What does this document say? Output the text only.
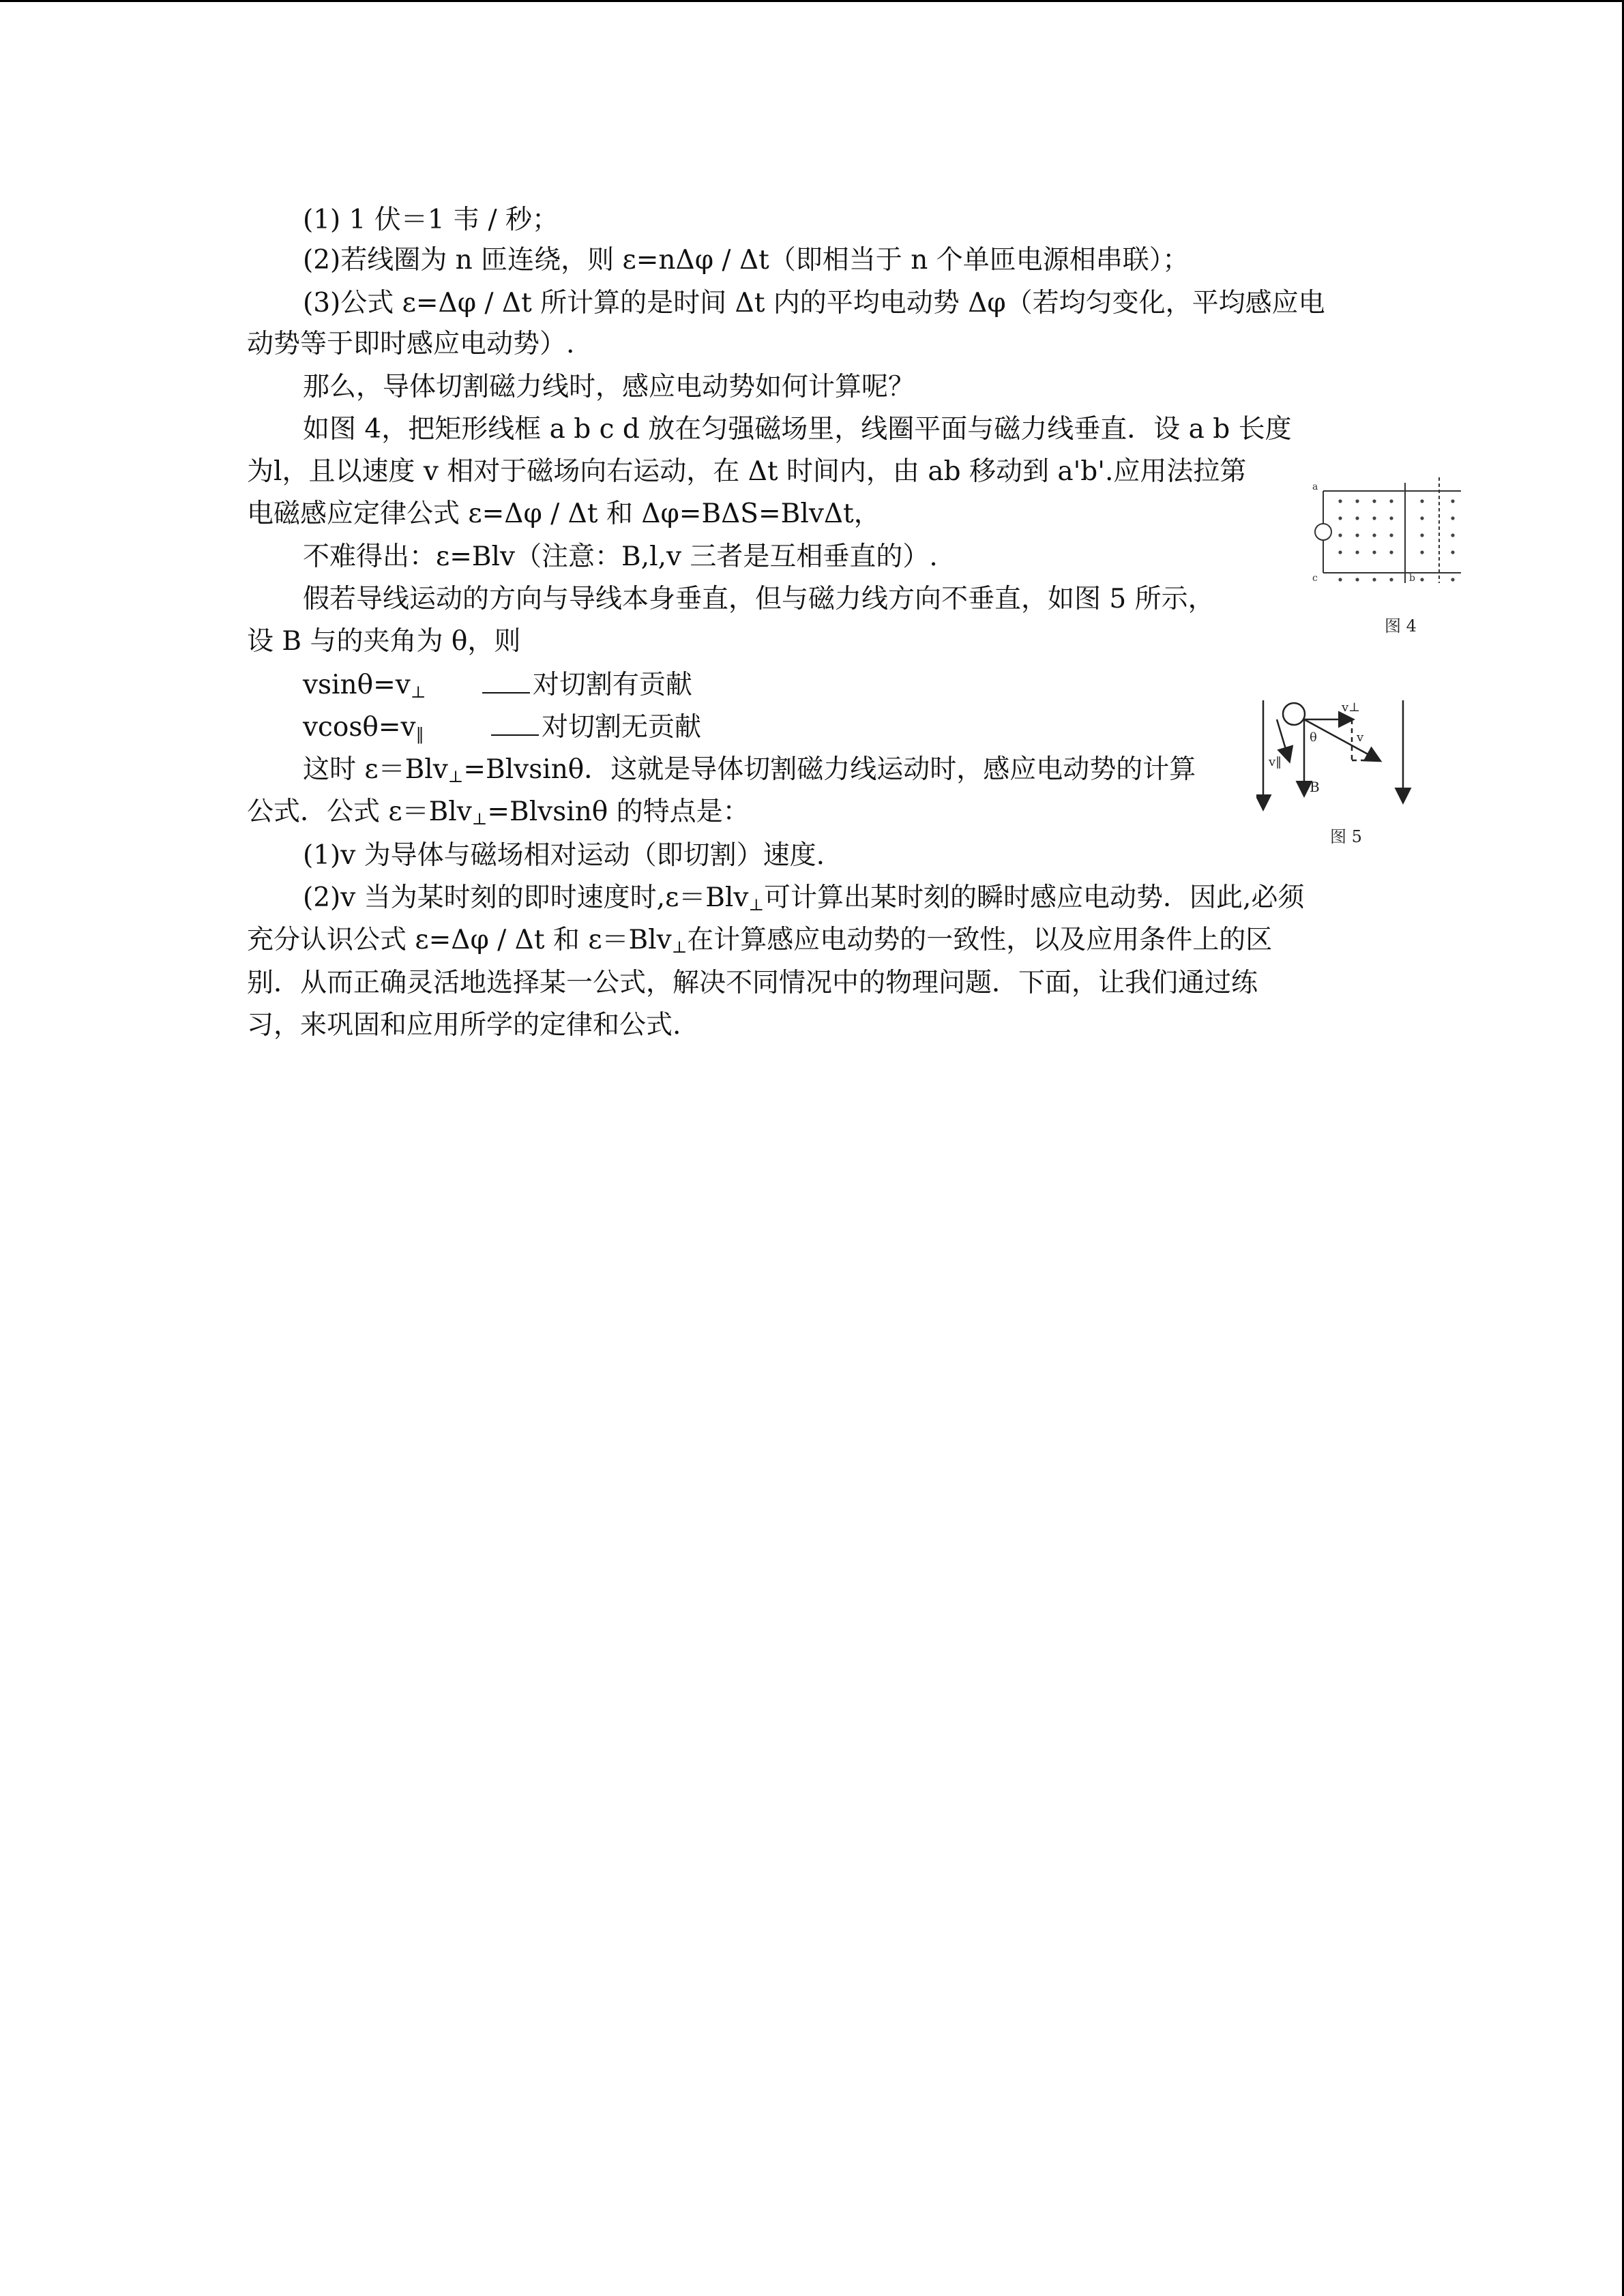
(1) 1 伏＝1 韦 / 秒；
(2)若线圈为 n 匝连绕，则 ε=nΔφ / Δt（即相当于 n 个单匝电源相串联）；
(3)公式 ε=Δφ / Δt 所计算的是时间 Δt 内的平均电动势 Δφ（若均匀变化，平均感应电
动势等于即时感应电动势）.
那么，导体切割磁力线时，感应电动势如何计算呢？
如图 4，把矩形线框 a b c d 放在匀强磁场里，线圈平面与磁力线垂直．设 a b 长度
为l，且以速度 v 相对于磁场向右运动，在 Δt 时间内，由 ab 移动到 a'b'.应用法拉第
电磁感应定律公式 ε=Δφ / Δt 和 Δφ=BΔS=BlvΔt，
不难得出：ε=Blv（注意：B,l,v 三者是互相垂直的）.
假若导线运动的方向与导线本身垂直，但与磁力线方向不垂直，如图 5 所示，
设 B 与的夹角为 θ，则
$vsin\theta=v_\perp$	对切割有贡献
$vcos\theta=v_‖$	对切割无贡献
这时 ε＝Blv$_\perp$=Blvsinθ．这就是导体切割磁力线运动时，感应电动势的计算
公式．公式 ε＝Blv$_\perp$=Blvsinθ 的特点是：
(1)v 为导体与磁场相对运动（即切割）速度.
(2)v 当为某时刻的即时速度时,ε＝Blv$_\perp$可计算出某时刻的瞬时感应电动势．因此,必须
充分认识公式 ε=Δφ / Δt 和 ε＝Blv$_\perp$在计算感应电动势的一致性，以及应用条件上的区
别．从而正确灵活地选择某一公式，解决不同情况中的物理问题．下面，让我们通过练
习，来巩固和应用所学的定律和公式.
a
c	b
图 4
v⊥
v
θ
v‖
B
图 5
